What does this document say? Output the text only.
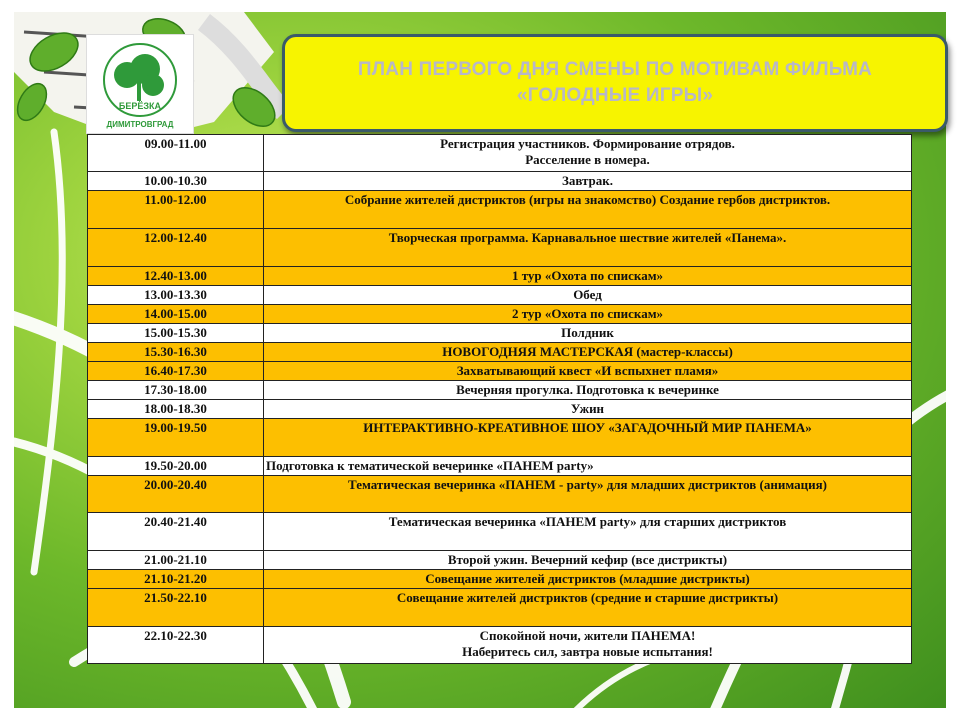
БЕРЁЗКА
ДИМИТРОВГРАД
ПЛАН ПЕРВОГО ДНЯ СМЕНЫ ПО МОТИВАМ ФИЛЬМА
«ГОЛОДНЫЕ ИГРЫ»
09.00-11.00	Регистрация участников. Формирование отрядов.
Расселение в номера.

10.00-10.30	Завтрак.

11.00-12.00	Собрание жителей дистриктов (игры на знакомство) Создание гербов дистриктов.

12.00-12.40	Творческая программа. Карнавальное шествие жителей «Панема».

12.40-13.00	1 тур «Охота по спискам»

13.00-13.30	Обед

14.00-15.00	2 тур «Охота по спискам»

15.00-15.30	Полдник

15.30-16.30	НОВОГОДНЯЯ МАСТЕРСКАЯ (мастер-классы)

16.40-17.30	Захватывающий квест «И вспыхнет пламя»

17.30-18.00	Вечерняя прогулка. Подготовка к вечеринке

18.00-18.30	Ужин

19.00-19.50	ИНТЕРАКТИВНО-КРЕАТИВНОЕ ШОУ «ЗАГАДОЧНЫЙ МИР ПАНЕМА»

19.50-20.00	Подготовка к тематической вечеринке «ПАНЕМ party»

20.00-20.40	Тематическая вечеринка «ПАНЕМ - party» для младших дистриктов (анимация)

20.40-21.40	Тематическая вечеринка «ПАНЕМ party» для старших дистриктов

21.00-21.10	Второй ужин. Вечерний кефир (все дистрикты)

21.10-21.20	Совещание жителей дистриктов (младшие дистрикты)

21.50-22.10	Совещание жителей дистриктов (средние и старшие дистрикты)

22.10-22.30	Спокойной ночи, жители ПАНЕМА!
Наберитесь сил, завтра новые испытания!
